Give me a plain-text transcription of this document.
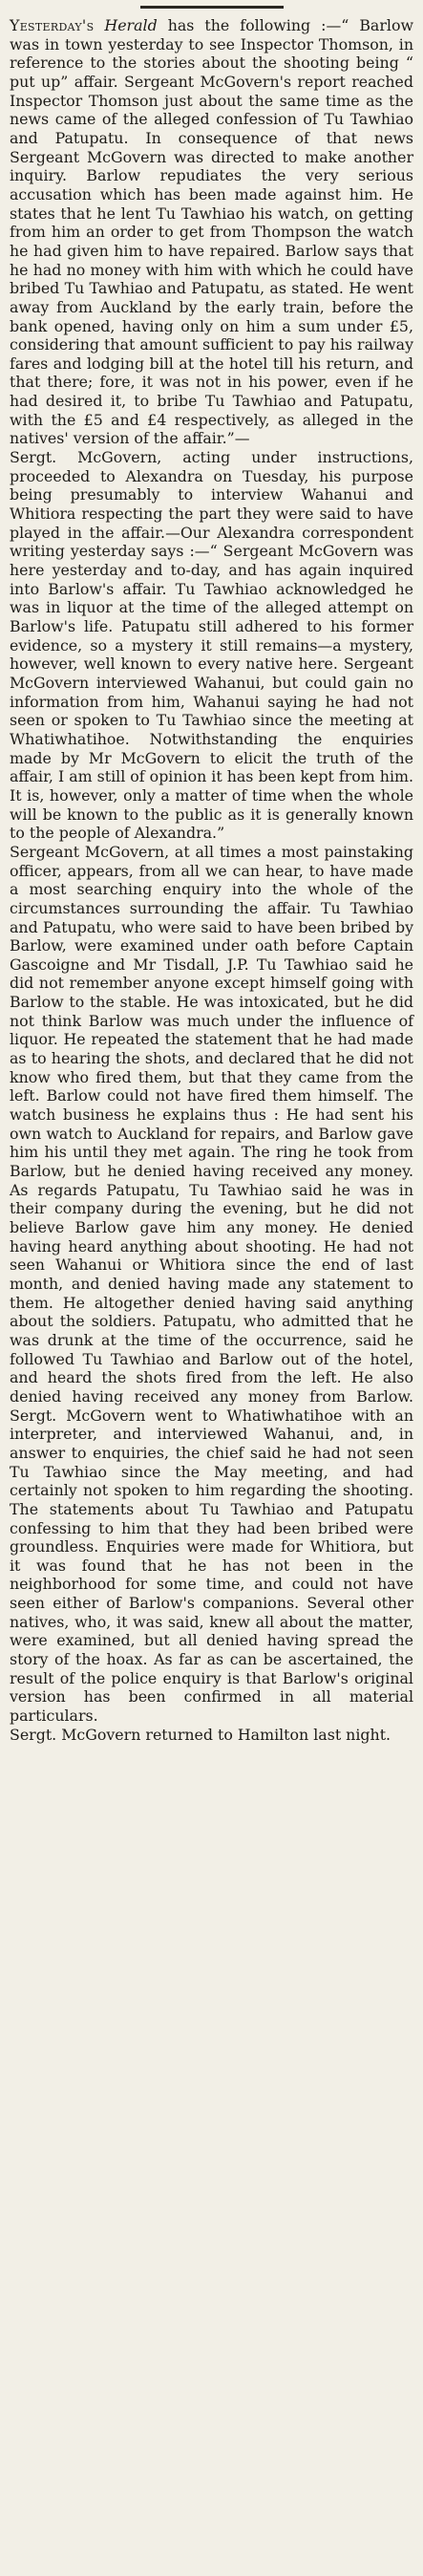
Yesterday's Herald has the following :—“ Barlow was in town yesterday to see Inspector Thomson, in reference to the stories about the shooting being “ put up” affair. Sergeant McGovern's report reached Inspector Thomson just about the same time as the news came of the alleged confession of Tu Tawhiao and Patupatu. In consequence of that news Sergeant McGovern was directed to make another inquiry. Barlow repudiates the very serious accusation which has been made against him. He states that he lent Tu Tawhiao his watch, on getting from him an order to get from Thompson the watch he had given him to have repaired. Barlow says that he had no money with him with which he could have bribed Tu Tawhiao and Patupatu, as stated. He went away from Auckland by the early train, before the bank opened, having only on him a sum under £5, considering that amount sufficient to pay his railway fares and lodging bill at the hotel till his return, and that there; fore, it was not in his power, even if he had desired it, to bribe Tu Tawhiao and Patupatu, with the £5 and £4 respectively, as alleged in the natives' version of the affair.”—

Sergt. McGovern, acting under instructions, proceeded to Alexandra on Tuesday, his purpose being presumably to interview Wahanui and Whitiora respecting the part they were said to have played in the affair.—Our Alexandra correspondent writing yesterday says :—“ Sergeant McGovern was here yesterday and to-day, and has again inquired into Barlow's affair. Tu Tawhiao acknowledged he was in liquor at the time of the alleged attempt on Barlow's life. Patupatu still adhered to his former evidence, so a mystery it still remains—a mystery, however, well known to every native here. Sergeant McGovern interviewed Wahanui, but could gain no information from him, Wahanui saying he had not seen or spoken to Tu Tawhiao since the meeting at Whatiwhatihoe. Notwithstanding the enquiries made by Mr McGovern to elicit the truth of the affair, I am still of opinion it has been kept from him. It is, however, only a matter of time when the whole will be known to the public as it is generally known to the people of Alexandra.”

Sergeant McGovern, at all times a most painstaking officer, appears, from all we can hear, to have made a most searching enquiry into the whole of the circumstances surrounding the affair. Tu Tawhiao and Patupatu, who were said to have been bribed by Barlow, were examined under oath before Captain Gascoigne and Mr Tisdall, J.P. Tu Tawhiao said he did not remember anyone except himself going with Barlow to the stable. He was intoxicated, but he did not think Barlow was much under the influence of liquor. He repeated the statement that he had made as to hearing the shots, and declared that he did not know who fired them, but that they came from the left. Barlow could not have fired them himself. The watch business he explains thus : He had sent his own watch to Auckland for repairs, and Barlow gave him his until they met again. The ring he took from Barlow, but he denied having received any money. As regards Patupatu, Tu Tawhiao said he was in their company during the evening, but he did not believe Barlow gave him any money. He denied having heard anything about shooting. He had not seen Wahanui or Whitiora since the end of last month, and denied having made any statement to them. He altogether denied having said anything about the soldiers. Patupatu, who admitted that he was drunk at the time of the occurrence, said he followed Tu Tawhiao and Barlow out of the hotel, and heard the shots fired from the left. He also denied having received any money from Barlow. Sergt. McGovern went to Whatiwhatihoe with an interpreter, and interviewed Wahanui, and, in answer to enquiries, the chief said he had not seen Tu Tawhiao since the May meeting, and had certainly not spoken to him regarding the shooting. The statements about Tu Tawhiao and Patupatu confessing to him that they had been bribed were groundless. Enquiries were made for Whitiora, but it was found that he has not been in the neighborhood for some time, and could not have seen either of Barlow's companions. Several other natives, who, it was said, knew all about the matter, were examined, but all denied having spread the story of the hoax. As far as can be ascertained, the result of the police enquiry is that Barlow's original version has been confirmed in all material particulars.

Sergt. McGovern returned to Hamilton last night.
